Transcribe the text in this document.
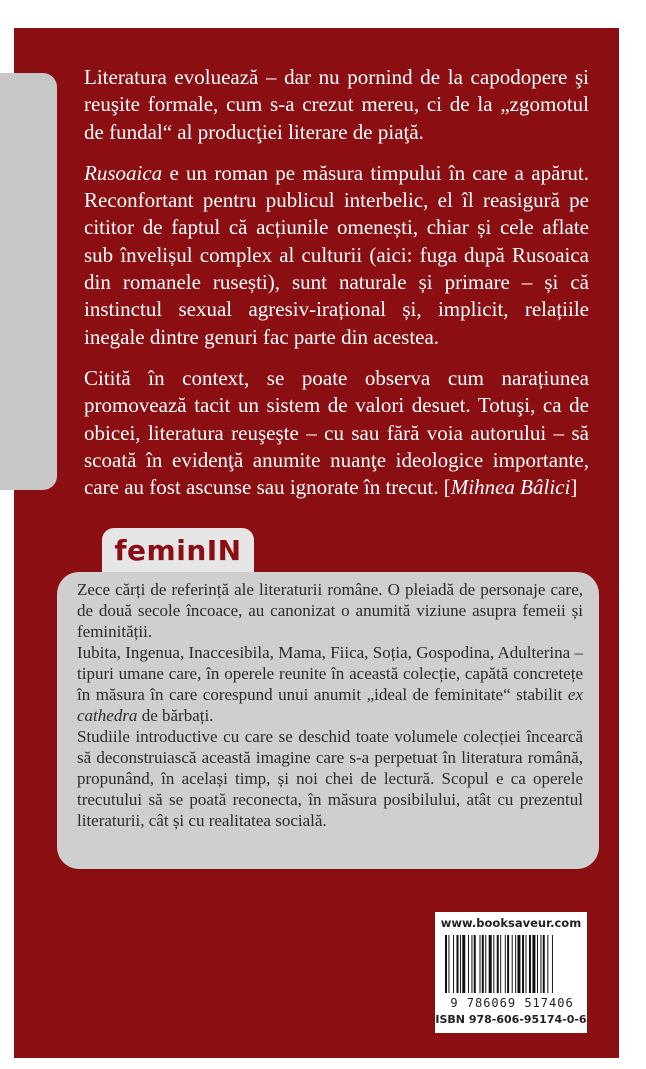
Literatura evoluează – dar nu pornind de la capodopere şi reuşite formale, cum s-a crezut mereu, ci de la „zgomotul de fundal“ al producţiei literare de piaţă.

Rusoaica e un roman pe măsura timpului în care a apărut. Reconfortant pentru publicul interbelic, el îl reasigură pe cititor de faptul că acțiunile omenești, chiar și cele aflate sub învelișul complex al culturii (aici: fuga după Rusoaica din romanele rusești), sunt naturale și primare – și că instinctul sexual agresiv-irațional și, implicit, relațiile inegale dintre genuri fac parte din acestea.

Citită în context, se poate observa cum narațiunea promovează tacit un sistem de valori desuet. Totuşi, ca de obicei, literatura reuşeşte – cu sau fără voia autorului – să scoată în evidenţă anumite nuanţe ideologice importante, care au fost ascunse sau ignorate în trecut. [Mihnea Bâlici]

feminIN

Zece cărți de referință ale literaturii române. O pleiadă de personaje care, de două secole încoace, au canonizat o anumită viziune asupra femeii și feminității.

Iubita, Ingenua, Inaccesibila, Mama, Fiica, Soția, Gospodina, Adulterina – tipuri umane care, în operele reunite în această colecție, capătă concretețe în măsura în care corespund unui anumit „ideal de feminitate“ stabilit ex cathedra de bărbați.

Studiile introductive cu care se deschid toate volumele colecției încearcă să deconstruiască această imagine care s-a perpetuat în literatura română, propunând, în același timp, și noi chei de lectură. Scopul e ca operele trecutului să se poată reconecta, în măsura posibilului, atât cu prezentul literaturii, cât și cu realitatea socială.

www.booksaveur.com
9 786069 517406
ISBN 978-606-95174-0-6
